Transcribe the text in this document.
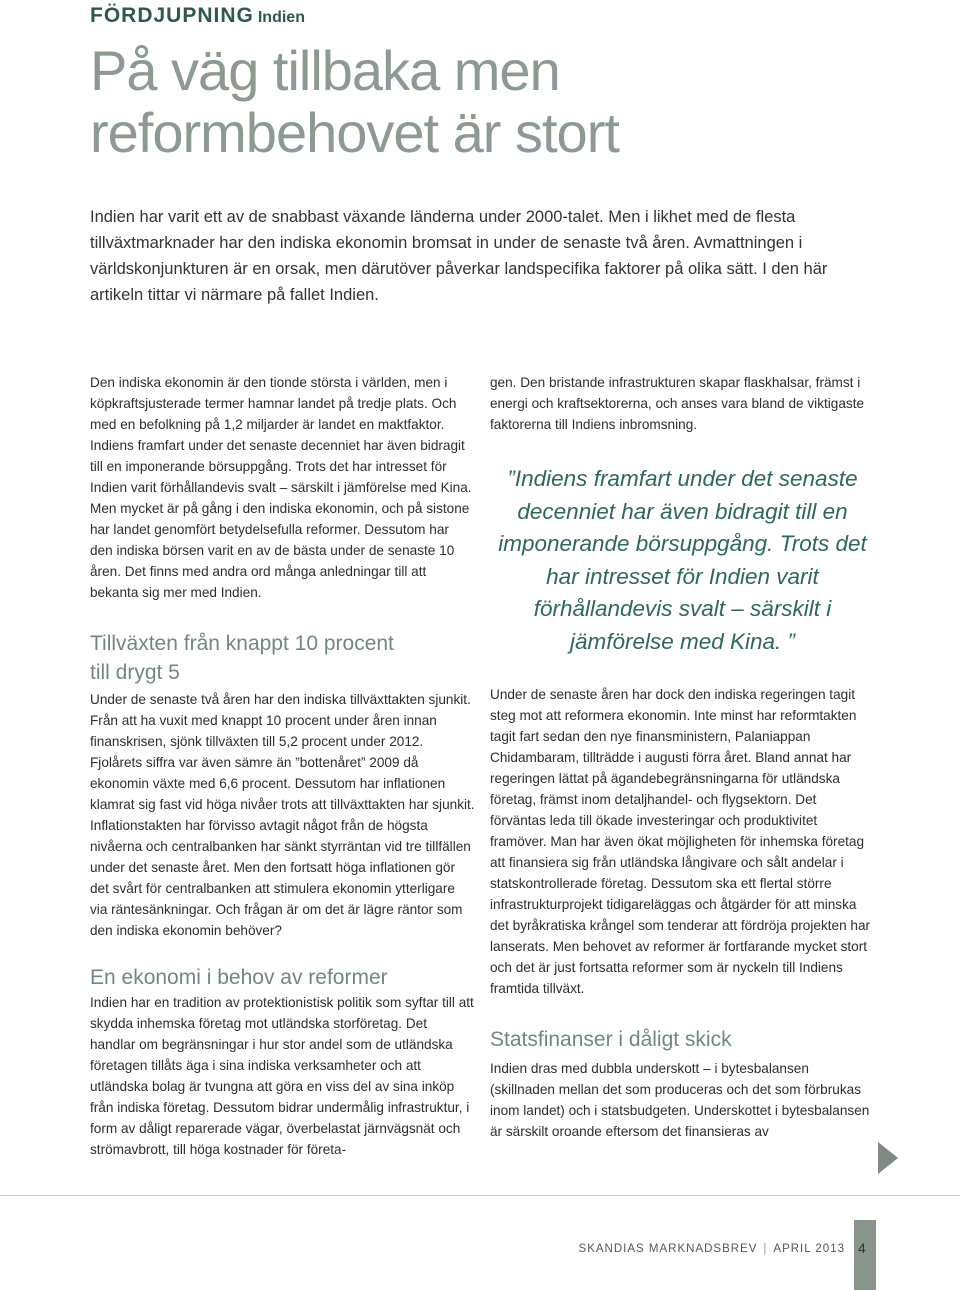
FÖRDJUPNING Indien
På väg tillbaka men
reformbehovet är stort
Indien har varit ett av de snabbast växande länderna under 2000-talet. Men i likhet med de flesta tillväxtmarknader har den indiska ekonomin bromsat in under de senaste två åren. Avmattningen i världskonjunkturen är en orsak, men därutöver påverkar landspecifika faktorer på olika sätt. I den här artikeln tittar vi närmare på fallet Indien.

Den indiska ekonomin är den tionde största i världen, men i köpkraftsjusterade termer hamnar landet på tredje plats. Och med en befolkning på 1,2 miljarder är landet en maktfaktor. Indiens framfart under det senaste decenniet har även bidragit till en imponerande börsuppgång. Trots det har intresset för Indien varit förhållandevis svalt – särskilt i jämförelse med Kina. Men mycket är på gång i den indiska ekonomin, och på sistone har landet genomfört betydelsefulla reformer. Dessutom har den indiska börsen varit en av de bästa under de senaste 10 åren. Det finns med andra ord många anledningar till att bekanta sig mer med Indien.

Tillväxten från knappt 10 procent
till drygt 5

Under de senaste två åren har den indiska tillväxttakten sjunkit. Från att ha vuxit med knappt 10 procent under åren innan finanskrisen, sjönk tillväxten till 5,2 procent under 2012. Fjolårets siffra var även sämre än ”bottenåret” 2009 då ekonomin växte med 6,6 procent. Dessutom har inflationen klamrat sig fast vid höga nivåer trots att tillväxttakten har sjunkit. Inflationstakten har förvisso avtagit något från de högsta nivåerna och centralbanken har sänkt styrräntan vid tre tillfällen under det senaste året. Men den fortsatt höga inflationen gör det svårt för centralbanken att stimulera ekonomin ytterligare via räntesänkningar. Och frågan är om det är lägre räntor som den indiska ekonomin behöver?

En ekonomi i behov av reformer

Indien har en tradition av protektionistisk politik som syftar till att skydda inhemska företag mot utländska storföretag. Det handlar om begränsningar i hur stor andel som de utländska företagen tillåts äga i sina indiska verksamheter och att utländska bolag är tvungna att göra en viss del av sina inköp från indiska företag. Dessutom bidrar undermålig infrastruktur, i form av dåligt reparerade vägar, överbelastat järnvägsnät och strömavbrott, till höga kostnader för företa-

gen. Den bristande infrastrukturen skapar flaskhalsar, främst i energi och kraftsektorerna, och anses vara bland de viktigaste faktorerna till Indiens inbromsning.

”Indiens framfart under det senaste decenniet har även bidragit till en imponerande börsuppgång. Trots det har intresset för Indien varit förhållandevis svalt – särskilt i jämförelse med Kina. ”

Under de senaste åren har dock den indiska regeringen tagit steg mot att reformera ekonomin. Inte minst har reformtakten tagit fart sedan den nye finansministern, Palaniappan Chidambaram, tillträdde i augusti förra året. Bland annat har regeringen lättat på ägandebegränsningarna för utländska företag, främst inom detaljhandel- och flygsektorn. Det förväntas leda till ökade investeringar och produktivitet framöver. Man har även ökat möjligheten för inhemska företag att finansiera sig från utländska långivare och sålt andelar i statskontrollerade företag. Dessutom ska ett flertal större infrastrukturprojekt tidigareläggas och åtgärder för att minska det byråkratiska krångel som tenderar att fördröja projekten har lanserats. Men behovet av reformer är fortfarande mycket stort och det är just fortsatta reformer som är nyckeln till Indiens framtida tillväxt.

Statsfinanser i dåligt skick

Indien dras med dubbla underskott – i bytesbalansen (skillnaden mellan det som produceras och det som förbrukas inom landet) och i statsbudgeten. Underskottet i bytesbalansen är särskilt oroande eftersom det finansieras av

SKANDIAS MARKNADSBREV | APRIL 2013 4
